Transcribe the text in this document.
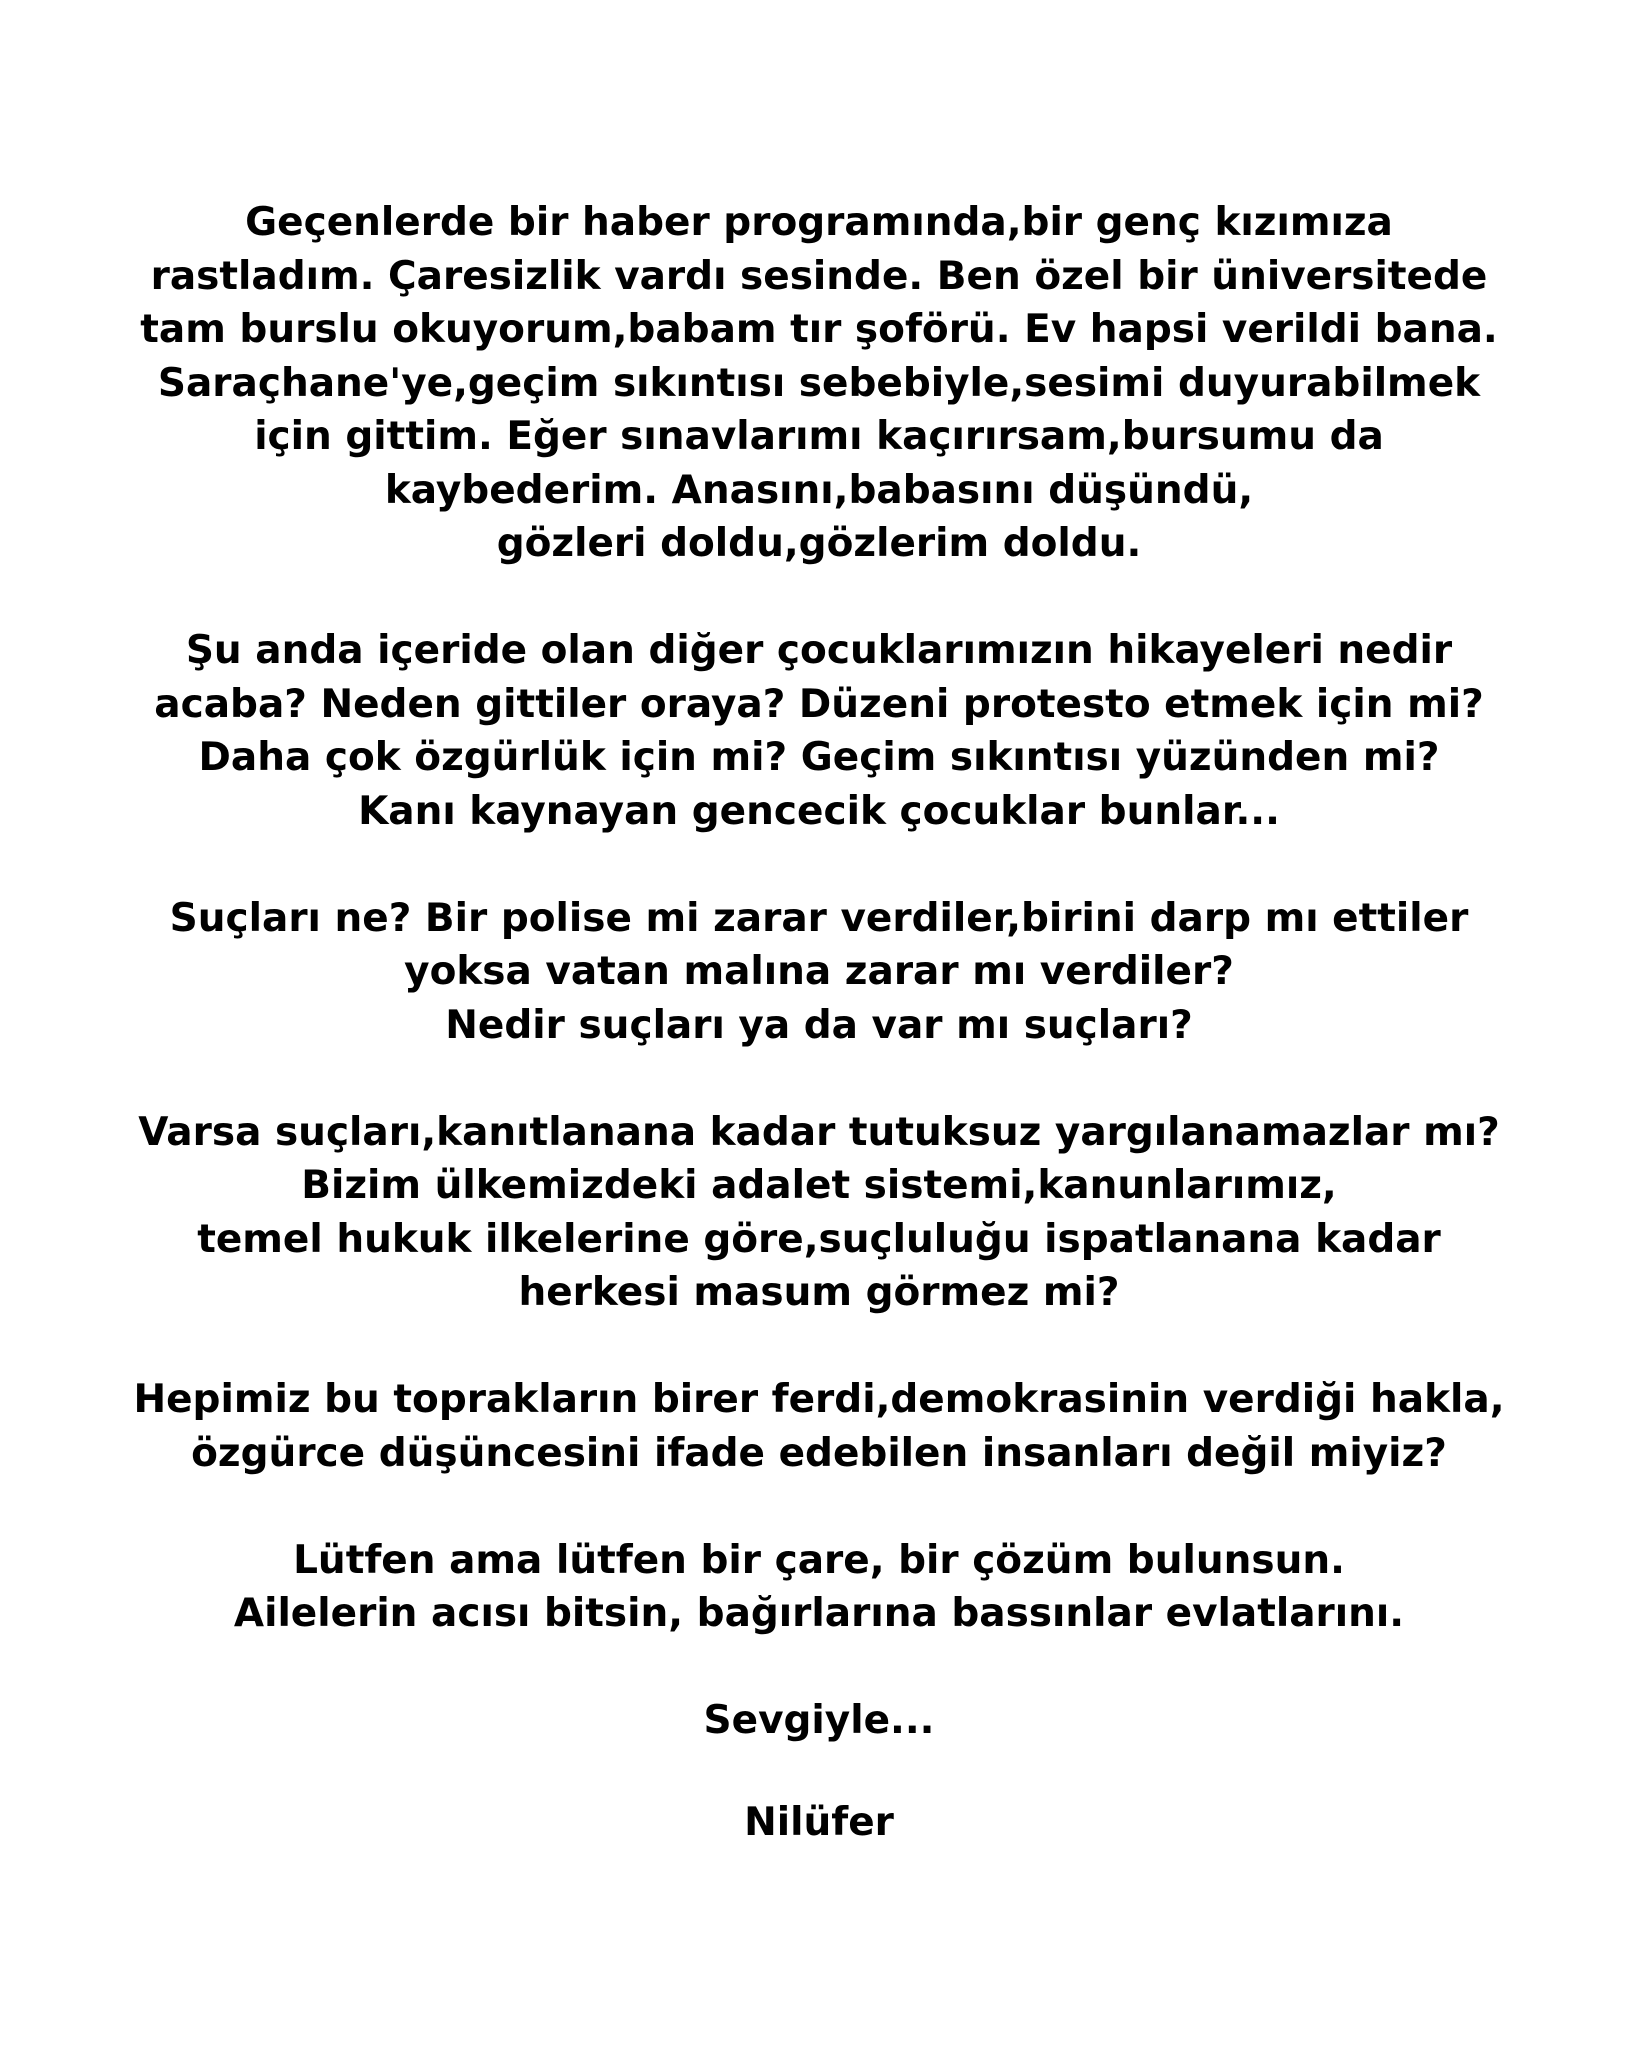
Geçenlerde bir haber programında,bir genç kızımıza
rastladım. Çaresizlik vardı sesinde. Ben özel bir üniversitede
tam burslu okuyorum,babam tır şoförü. Ev hapsi verildi bana.
Saraçhane'ye,geçim sıkıntısı sebebiyle,sesimi duyurabilmek
için gittim. Eğer sınavlarımı kaçırırsam,bursumu da
kaybederim. Anasını,babasını düşündü,
gözleri doldu,gözlerim doldu.
Şu anda içeride olan diğer çocuklarımızın hikayeleri nedir
acaba? Neden gittiler oraya? Düzeni protesto etmek için mi?
Daha çok özgürlük için mi? Geçim sıkıntısı yüzünden mi?
Kanı kaynayan gencecik çocuklar bunlar...
Suçları ne? Bir polise mi zarar verdiler,birini darp mı ettiler
yoksa vatan malına zarar mı verdiler?
Nedir suçları ya da var mı suçları?
Varsa suçları,kanıtlanana kadar tutuksuz yargılanamazlar mı?
Bizim ülkemizdeki adalet sistemi,kanunlarımız,
temel hukuk ilkelerine göre,suçluluğu ispatlanana kadar
herkesi masum görmez mi?
Hepimiz bu toprakların birer ferdi,demokrasinin verdiği hakla,
özgürce düşüncesini ifade edebilen insanları değil miyiz?
Lütfen ama lütfen bir çare, bir çözüm bulunsun.
Ailelerin acısı bitsin, bağırlarına bassınlar evlatlarını.
Sevgiyle...
Nilüfer
